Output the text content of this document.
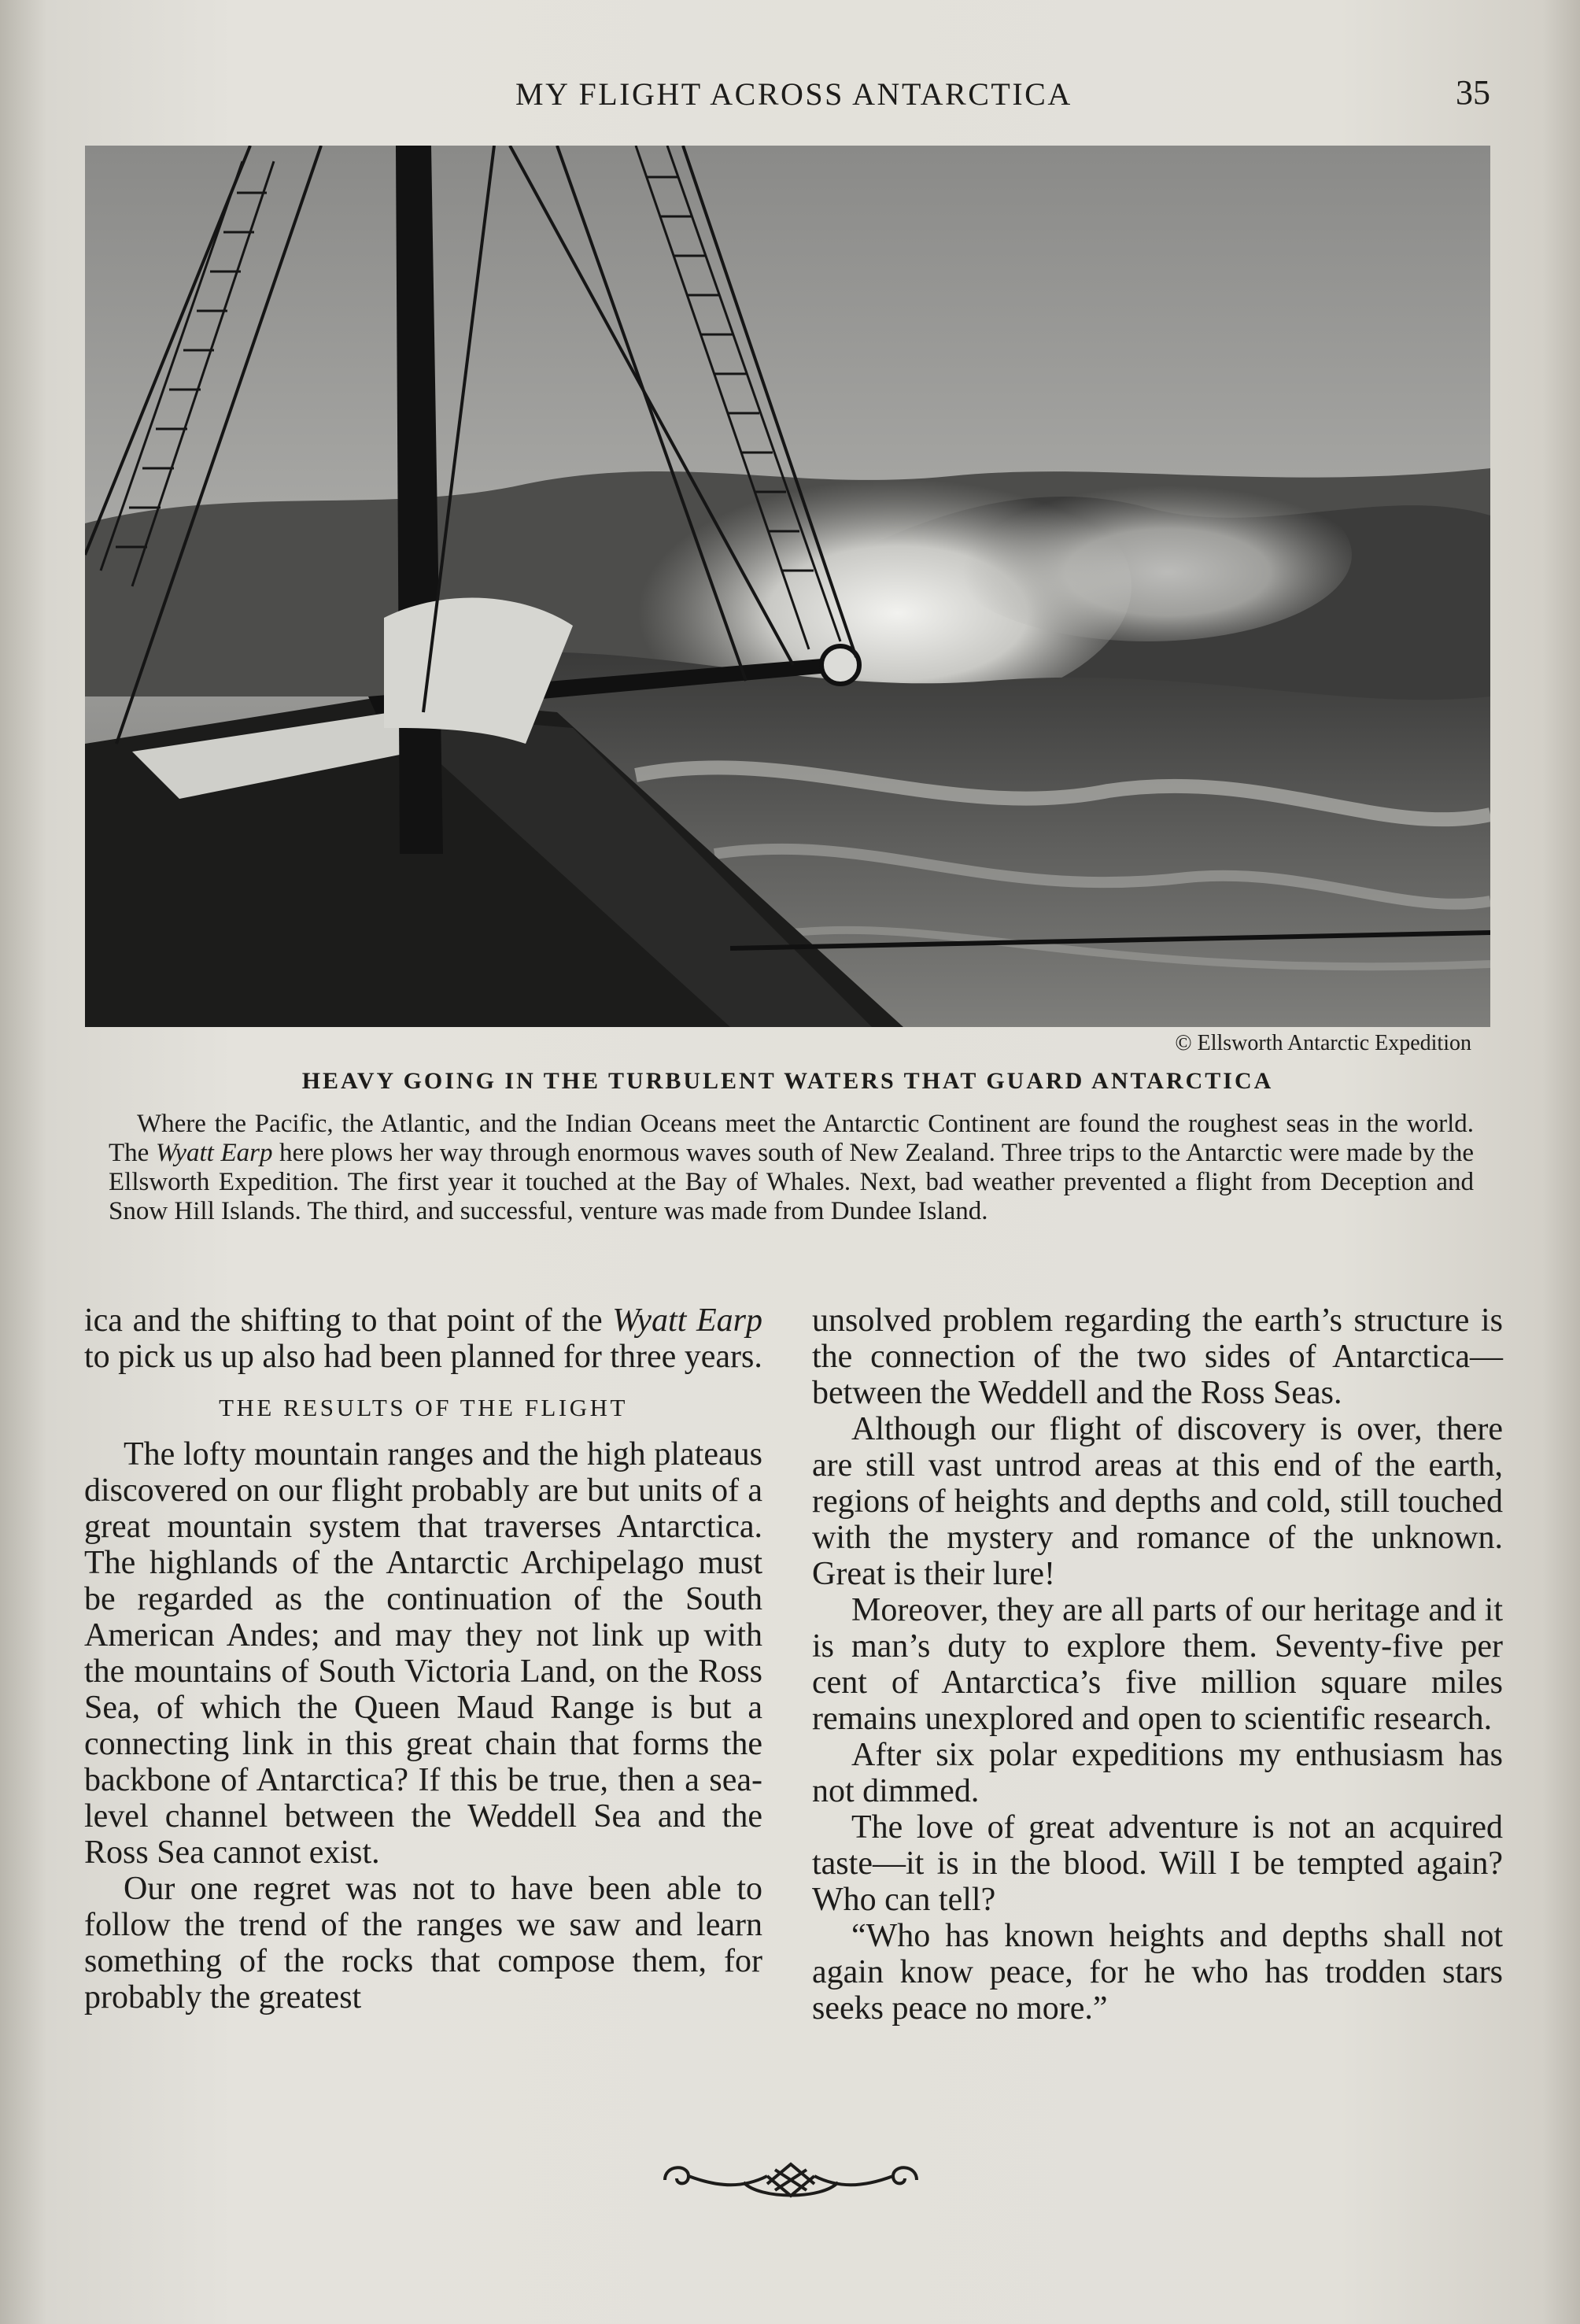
MY FLIGHT ACROSS ANTARCTICA	35
© Ellsworth Antarctic Expedition
HEAVY GOING IN THE TURBULENT WATERS THAT GUARD ANTARCTICA
Where the Pacific, the Atlantic, and the Indian Oceans meet the Antarctic Continent are found the roughest seas in the world. The Wyatt Earp here plows her way through enormous waves south of New Zealand. Three trips to the Antarctic were made by the Ellsworth Expedition. The first year it touched at the Bay of Whales. Next, bad weather prevented a flight from Deception and Snow Hill Islands. The third, and successful, venture was made from Dundee Island.

ica and the shifting to that point of the Wyatt Earp to pick us up also had been planned for three years.

THE RESULTS OF THE FLIGHT

The lofty mountain ranges and the high plateaus discovered on our flight probably are but units of a great mountain system that traverses Antarctica. The highlands of the Antarctic Archipelago must be regarded as the continuation of the South American Andes; and may they not link up with the mountains of South Victoria Land, on the Ross Sea, of which the Queen Maud Range is but a connecting link in this great chain that forms the backbone of Antarctica? If this be true, then a sea-level channel between the Weddell Sea and the Ross Sea cannot exist.

Our one regret was not to have been able to follow the trend of the ranges we saw and learn something of the rocks that compose them, for probably the greatest

unsolved problem regarding the earth’s structure is the connection of the two sides of Antarctica—between the Weddell and the Ross Seas.

Although our flight of discovery is over, there are still vast untrod areas at this end of the earth, regions of heights and depths and cold, still touched with the mystery and romance of the unknown. Great is their lure!

Moreover, they are all parts of our heritage and it is man’s duty to explore them. Seventy-five per cent of Antarctica’s five million square miles remains unexplored and open to scientific research.

After six polar expeditions my enthusiasm has not dimmed.

The love of great adventure is not an acquired taste—it is in the blood. Will I be tempted again? Who can tell?

“Who has known heights and depths shall not again know peace, for he who has trodden stars seeks peace no more.”
